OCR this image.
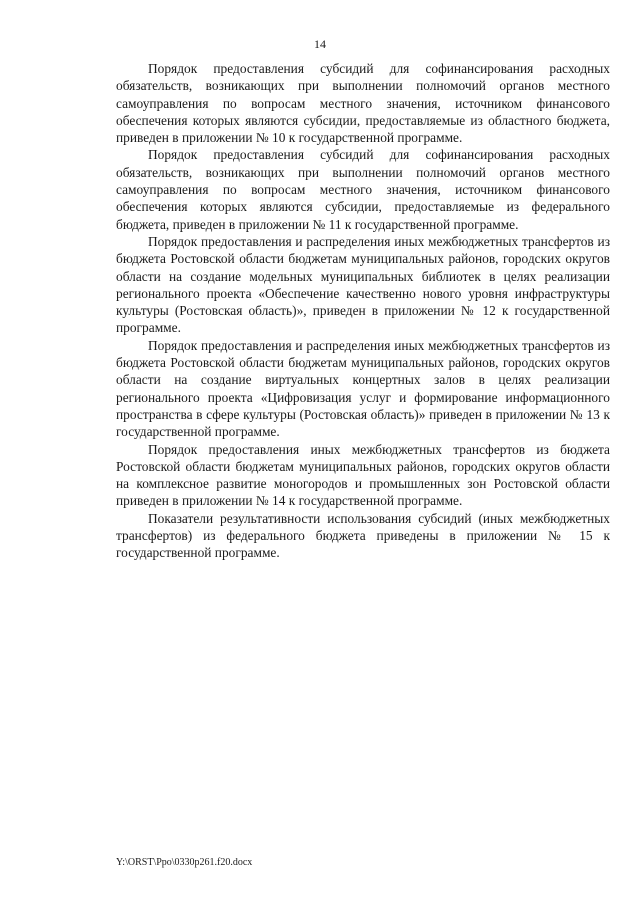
14

Порядок предоставления субсидий для софинансирования расходных обязательств, возникающих при выполнении полномочий органов местного самоуправления по вопросам местного значения, источником финансового обеспечения которых являются субсидии, предоставляемые из областного бюджета, приведен в приложении № 10 к государственной программе.

Порядок предоставления субсидий для софинансирования расходных обязательств, возникающих при выполнении полномочий органов местного самоуправления по вопросам местного значения, источником финансового обеспечения которых являются субсидии, предоставляемые из федерального бюджета, приведен в приложении № 11 к государственной программе.

Порядок предоставления и распределения иных межбюджетных трансфертов из бюджета Ростовской области бюджетам муниципальных районов, городских округов области на создание модельных муниципальных библиотек в целях реализации регионального проекта «Обеспечение качественно нового уровня инфраструктуры культуры (Ростовская область)», приведен в приложении № 12 к государственной программе.

Порядок предоставления и распределения иных межбюджетных трансфертов из бюджета Ростовской области бюджетам муниципальных районов, городских округов области на создание виртуальных концертных залов в целях реализации регионального проекта «Цифровизация услуг и формирование информационного пространства в сфере культуры (Ростовская область)» приведен в приложении № 13 к государственной программе.

Порядок предоставления иных межбюджетных трансфертов из бюджета Ростовской области бюджетам муниципальных районов, городских округов области на комплексное развитие моногородов и промышленных зон Ростовской области приведен в приложении № 14 к государственной программе.

Показатели результативности использования субсидий (иных межбюджетных трансфертов) из федерального бюджета приведены в приложении № 15 к государственной программе.

Y:\ORST\Ppo\0330p261.f20.docx
